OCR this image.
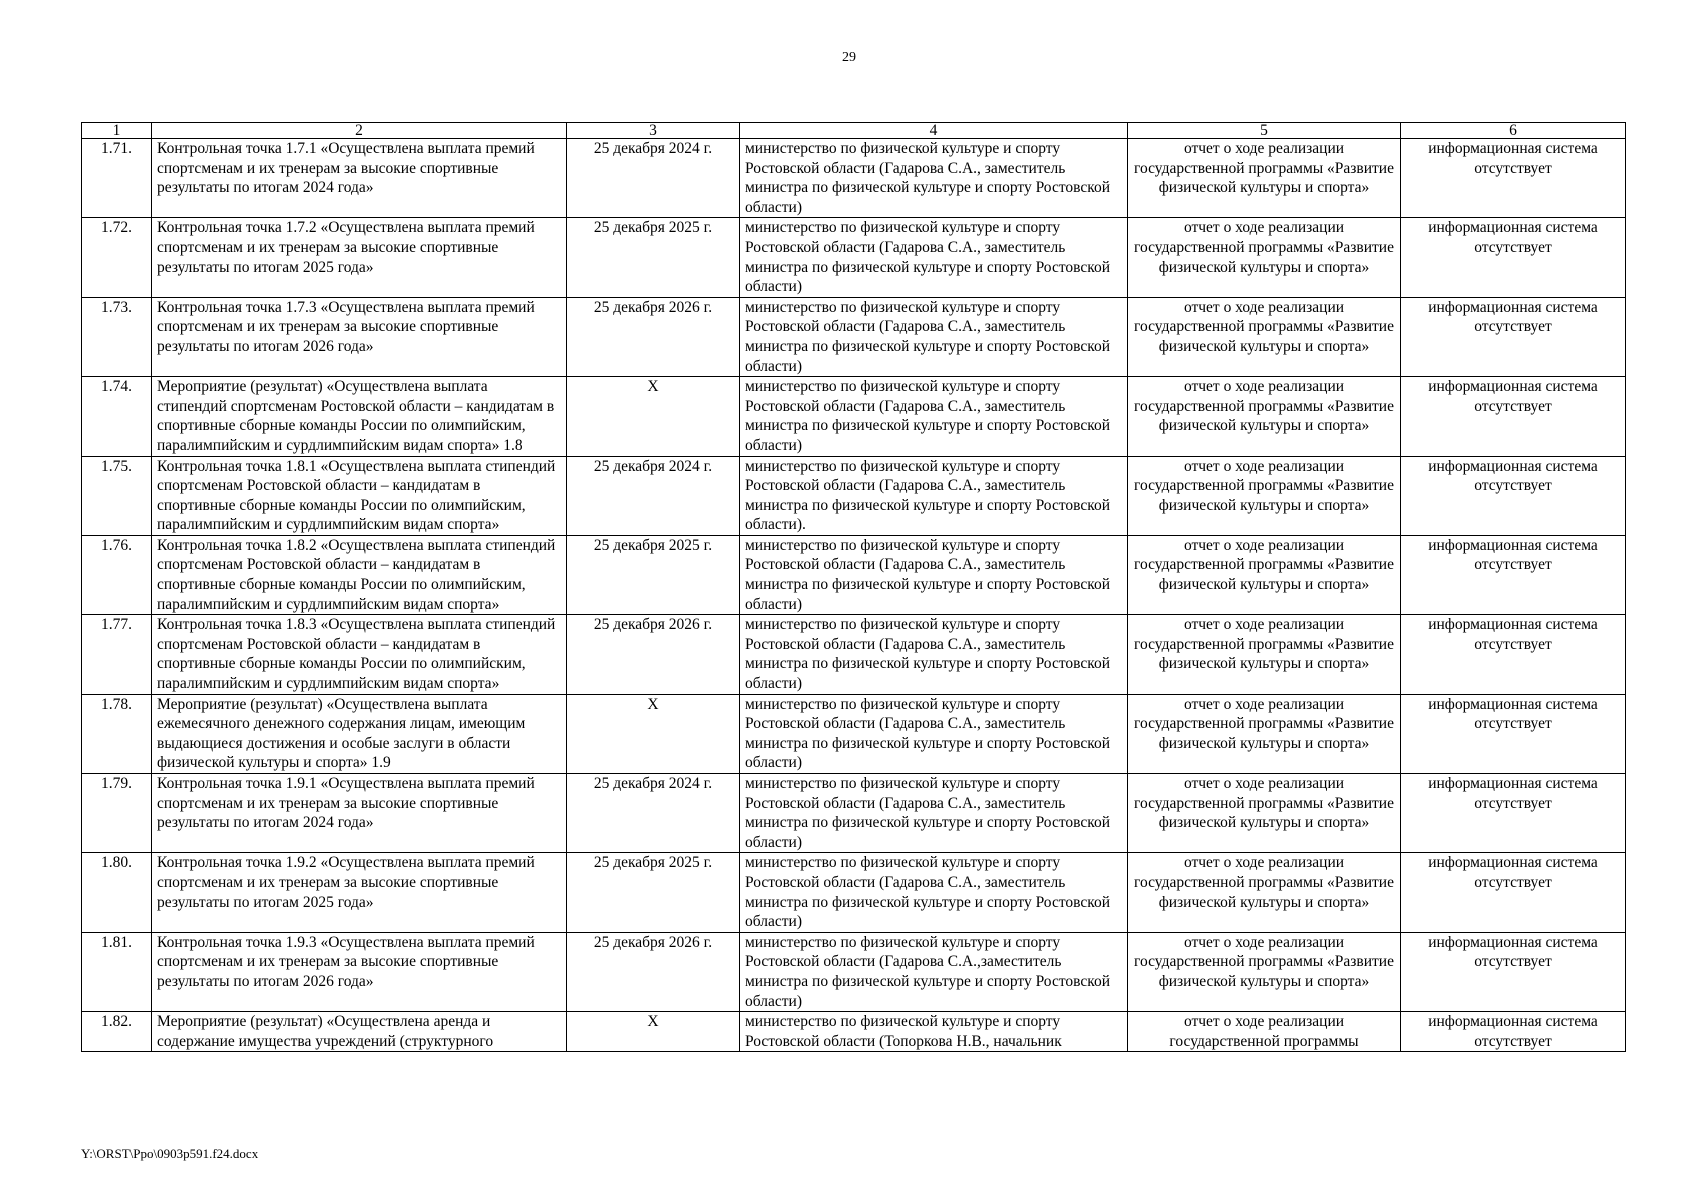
29
1	2	3	4	5	6
1.71.	Контрольная точка 1.7.1 «Осуществлена выплата премий спортсменам и их тренерам за высокие спортивные результаты по итогам 2024 года»	25 декабря 2024 г.	министерство по физической культуре и спорту Ростовской области (Гадарова С.А., заместитель министра по физической культуре и спорту Ростовской области)	отчет о ходе реализации государственной программы «Развитие физической культуры и спорта»	информационная система отсутствует
1.72.	Контрольная точка 1.7.2 «Осуществлена выплата премий спортсменам и их тренерам за высокие спортивные результаты по итогам 2025 года»	25 декабря 2025 г.	министерство по физической культуре и спорту Ростовской области (Гадарова С.А., заместитель министра по физической культуре и спорту Ростовской области)	отчет о ходе реализации государственной программы «Развитие физической культуры и спорта»	информационная система отсутствует
1.73.	Контрольная точка 1.7.3 «Осуществлена выплата премий спортсменам и их тренерам за высокие спортивные результаты по итогам 2026 года»	25 декабря 2026 г.	министерство по физической культуре и спорту Ростовской области (Гадарова С.А., заместитель министра по физической культуре и спорту Ростовской области)	отчет о ходе реализации государственной программы «Развитие физической культуры и спорта»	информационная система отсутствует
1.74.	Мероприятие (результат) «Осуществлена выплата стипендий спортсменам Ростовской области – кандидатам в спортивные сборные команды России по олимпийским, паралимпийским и сурдлимпийским видам спорта» 1.8	X	министерство по физической культуре и спорту Ростовской области (Гадарова С.А., заместитель министра по физической культуре и спорту Ростовской области)	отчет о ходе реализации государственной программы «Развитие физической культуры и спорта»	информационная система отсутствует
1.75.	Контрольная точка 1.8.1 «Осуществлена выплата стипендий спортсменам Ростовской области – кандидатам в спортивные сборные команды России по олимпийским, паралимпийским и сурдлимпийским видам спорта»	25 декабря 2024 г.	министерство по физической культуре и спорту Ростовской области (Гадарова С.А., заместитель министра по физической культуре и спорту Ростовской области).	отчет о ходе реализации государственной программы «Развитие физической культуры и спорта»	информационная система отсутствует
1.76.	Контрольная точка 1.8.2 «Осуществлена выплата стипендий спортсменам Ростовской области – кандидатам в спортивные сборные команды России по олимпийским, паралимпийским и сурдлимпийским видам спорта»	25 декабря 2025 г.	министерство по физической культуре и спорту Ростовской области (Гадарова С.А., заместитель министра по физической культуре и спорту Ростовской области)	отчет о ходе реализации государственной программы «Развитие физической культуры и спорта»	информационная система отсутствует
1.77.	Контрольная точка 1.8.3 «Осуществлена выплата стипендий спортсменам Ростовской области – кандидатам в спортивные сборные команды России по олимпийским, паралимпийским и сурдлимпийским видам спорта»	25 декабря 2026 г.	министерство по физической культуре и спорту Ростовской области (Гадарова С.А., заместитель министра по физической культуре и спорту Ростовской области)	отчет о ходе реализации государственной программы «Развитие физической культуры и спорта»	информационная система отсутствует
1.78.	Мероприятие (результат) «Осуществлена выплата ежемесячного денежного содержания лицам, имеющим выдающиеся достижения и особые заслуги в области физической культуры и спорта» 1.9	X	министерство по физической культуре и спорту Ростовской области (Гадарова С.А., заместитель министра по физической культуре и спорту Ростовской области)	отчет о ходе реализации государственной программы «Развитие физической культуры и спорта»	информационная система отсутствует
1.79.	Контрольная точка 1.9.1 «Осуществлена выплата премий спортсменам и их тренерам за высокие спортивные результаты по итогам 2024 года»	25 декабря 2024 г.	министерство по физической культуре и спорту Ростовской области (Гадарова С.А., заместитель министра по физической культуре и спорту Ростовской области)	отчет о ходе реализации государственной программы «Развитие физической культуры и спорта»	информационная система отсутствует
1.80.	Контрольная точка 1.9.2 «Осуществлена выплата премий спортсменам и их тренерам за высокие спортивные результаты по итогам 2025 года»	25 декабря 2025 г.	министерство по физической культуре и спорту Ростовской области (Гадарова С.А., заместитель министра по физической культуре и спорту Ростовской области)	отчет о ходе реализации государственной программы «Развитие физической культуры и спорта»	информационная система отсутствует
1.81.	Контрольная точка 1.9.3 «Осуществлена выплата премий спортсменам и их тренерам за высокие спортивные результаты по итогам 2026 года»	25 декабря 2026 г.	министерство по физической культуре и спорту Ростовской области (Гадарова С.А.,заместитель министра по физической культуре и спорту Ростовской области)	отчет о ходе реализации государственной программы «Развитие физической культуры и спорта»	информационная система отсутствует

1.82.	Мероприятие (результат) «Осуществлена аренда и содержание имущества учреждений (структурного	X	министерство по физической культуре и спорту Ростовской области (Топоркова Н.В., начальник	отчет о ходе реализации государственной программы	информационная система отсутствует
Y:\ORST\Ppo\0903p591.f24.docx
